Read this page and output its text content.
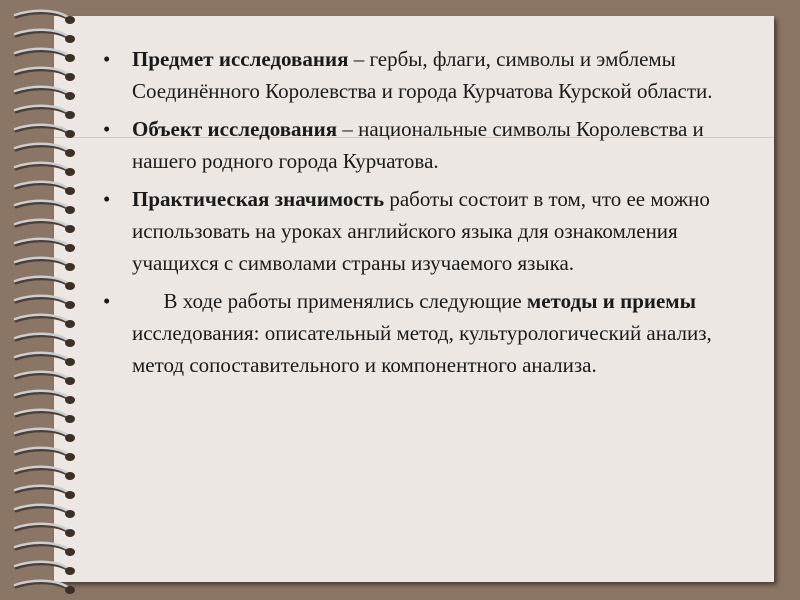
• Предмет исследования – гербы, флаги, символы и эмблемы Соединённого Королевства и города Курчатова Курской области.
• Объект исследования – национальные символы Королевства и нашего родного города Курчатова.
• Практическая значимость работы состоит в том, что ее можно использовать на уроках английского языка для ознакомления учащихся с символами страны изучаемого языка.
• В ходе работы применялись следующие методы и приемы исследования: описательный метод, культурологический анализ, метод сопоставительного и компонентного анализа.
